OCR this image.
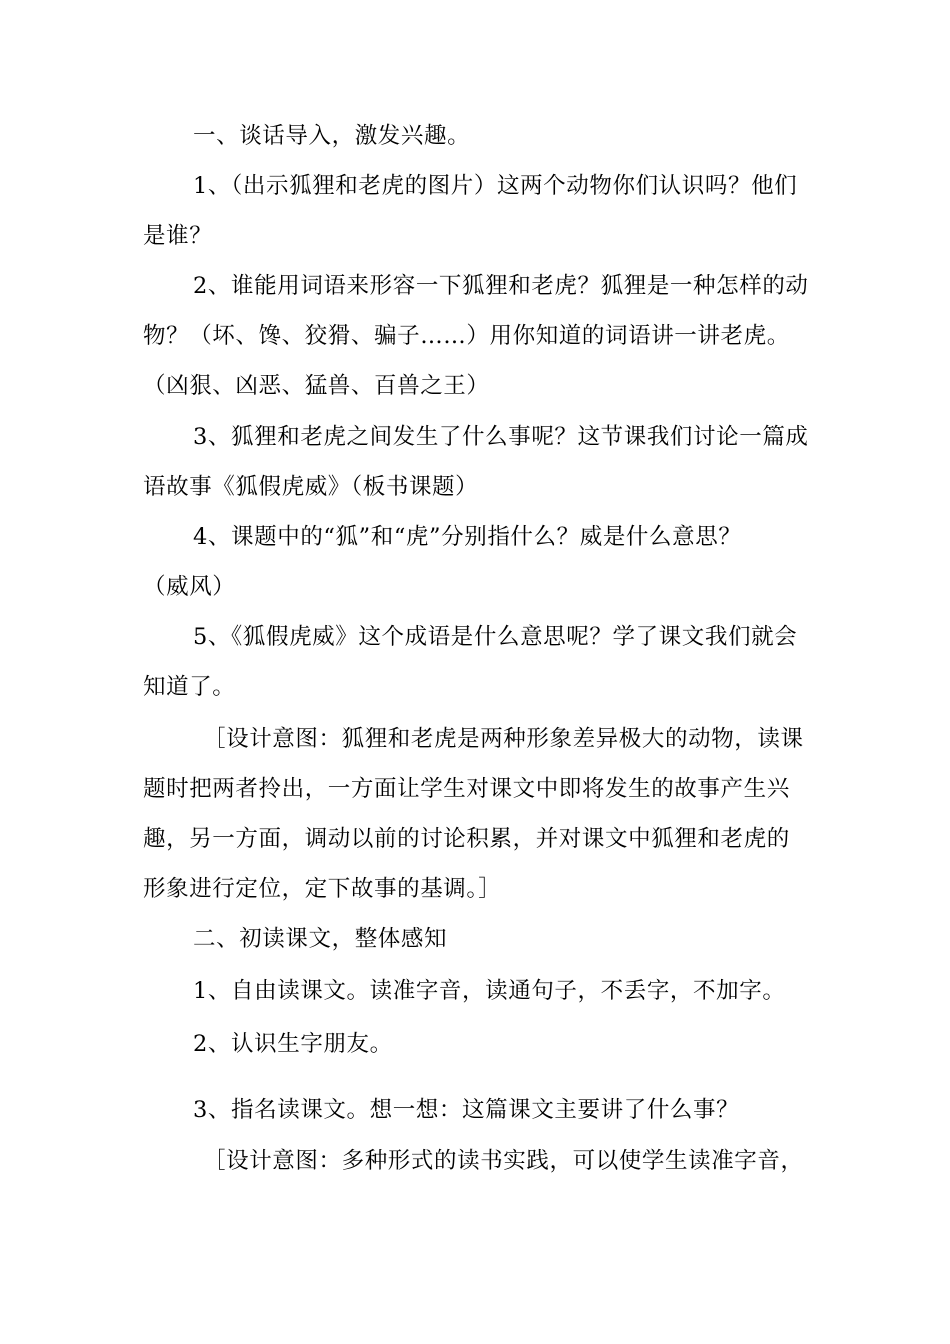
一、谈话导入，激发兴趣。
1、（出示狐狸和老虎的图片）这两个动物你们认识吗？他们
是谁？
2、谁能用词语来形容一下狐狸和老虎？狐狸是一种怎样的动
物？（坏、馋、狡猾、骗子……）用你知道的词语讲一讲老虎。
（凶狠、凶恶、猛兽、百兽之王）
3、狐狸和老虎之间发生了什么事呢？这节课我们讨论一篇成
语故事《狐假虎威》（板书课题）
4、课题中的“狐”和“虎”分别指什么？威是什么意思？
（威风）
5、《狐假虎威》这个成语是什么意思呢？学了课文我们就会
知道了。
［设计意图：狐狸和老虎是两种形象差异极大的动物，读课
题时把两者拎出，一方面让学生对课文中即将发生的故事产生兴
趣，另一方面，调动以前的讨论积累，并对课文中狐狸和老虎的
形象进行定位，定下故事的基调。］
二、初读课文，整体感知
1、自由读课文。读准字音，读通句子，不丢字，不加字。
2、认识生字朋友。
3、指名读课文。想一想：这篇课文主要讲了什么事？
［设计意图：多种形式的读书实践，可以使学生读准字音，
